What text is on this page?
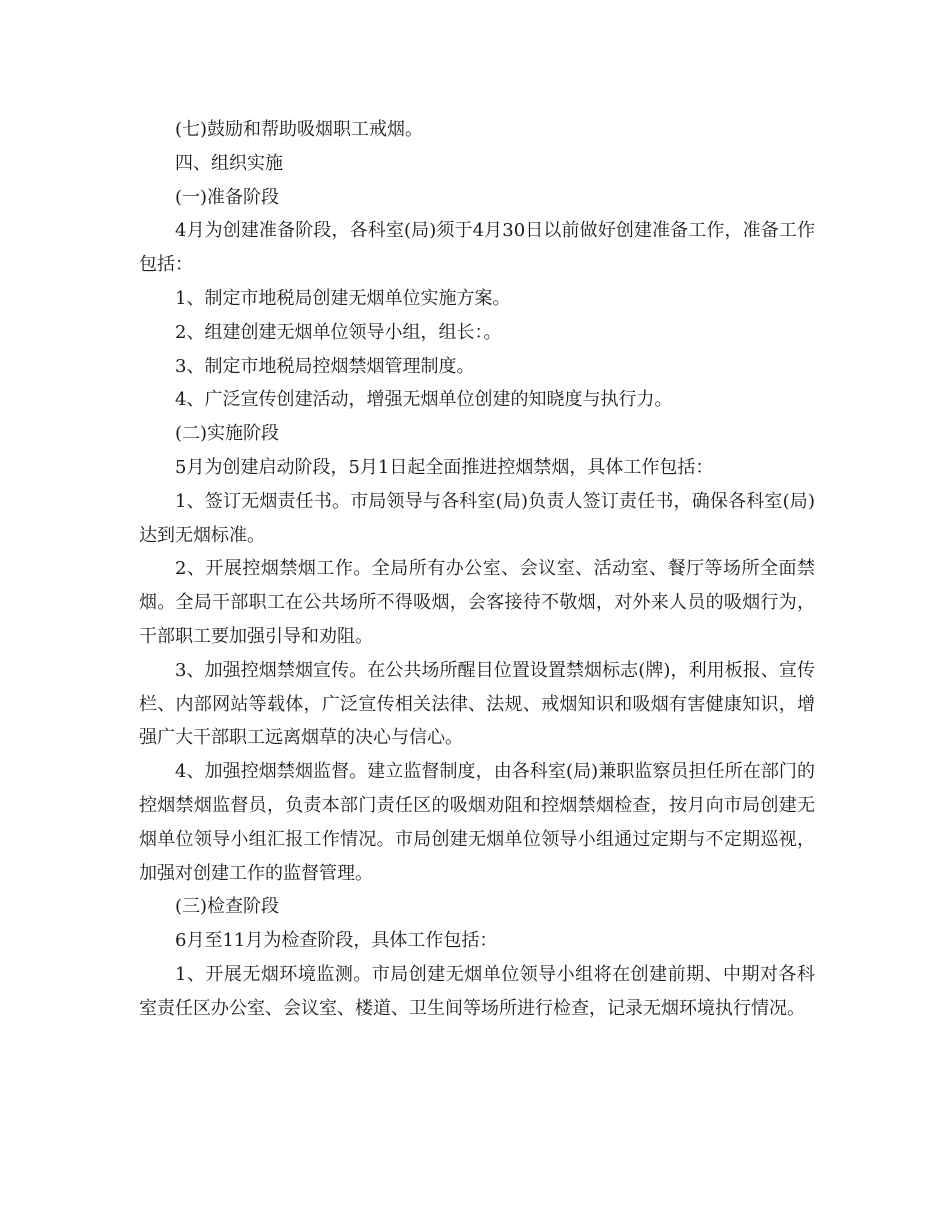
(七)鼓励和帮助吸烟职工戒烟。

四、组织实施

(一)准备阶段

4月为创建准备阶段，各科室(局)须于4月30日以前做好创建准备工作，准备工作包括：

1、制定市地税局创建无烟单位实施方案。

2、组建创建无烟单位领导小组，组长：。

3、制定市地税局控烟禁烟管理制度。

4、广泛宣传创建活动，增强无烟单位创建的知晓度与执行力。

(二)实施阶段

5月为创建启动阶段，5月1日起全面推进控烟禁烟，具体工作包括：

1、签订无烟责任书。市局领导与各科室(局)负责人签订责任书，确保各科室(局)达到无烟标准。

2、开展控烟禁烟工作。全局所有办公室、会议室、活动室、餐厅等场所全面禁烟。全局干部职工在公共场所不得吸烟，会客接待不敬烟，对外来人员的吸烟行为，干部职工要加强引导和劝阻。

3、加强控烟禁烟宣传。在公共场所醒目位置设置禁烟标志(牌)，利用板报、宣传栏、内部网站等载体，广泛宣传相关法律、法规、戒烟知识和吸烟有害健康知识，增强广大干部职工远离烟草的决心与信心。

4、加强控烟禁烟监督。建立监督制度，由各科室(局)兼职监察员担任所在部门的控烟禁烟监督员，负责本部门责任区的吸烟劝阻和控烟禁烟检查，按月向市局创建无烟单位领导小组汇报工作情况。市局创建无烟单位领导小组通过定期与不定期巡视，加强对创建工作的监督管理。

(三)检查阶段

6月至11月为检查阶段，具体工作包括：

1、开展无烟环境监测。市局创建无烟单位领导小组将在创建前期、中期对各科室责任区办公室、会议室、楼道、卫生间等场所进行检查，记录无烟环境执行情况。
